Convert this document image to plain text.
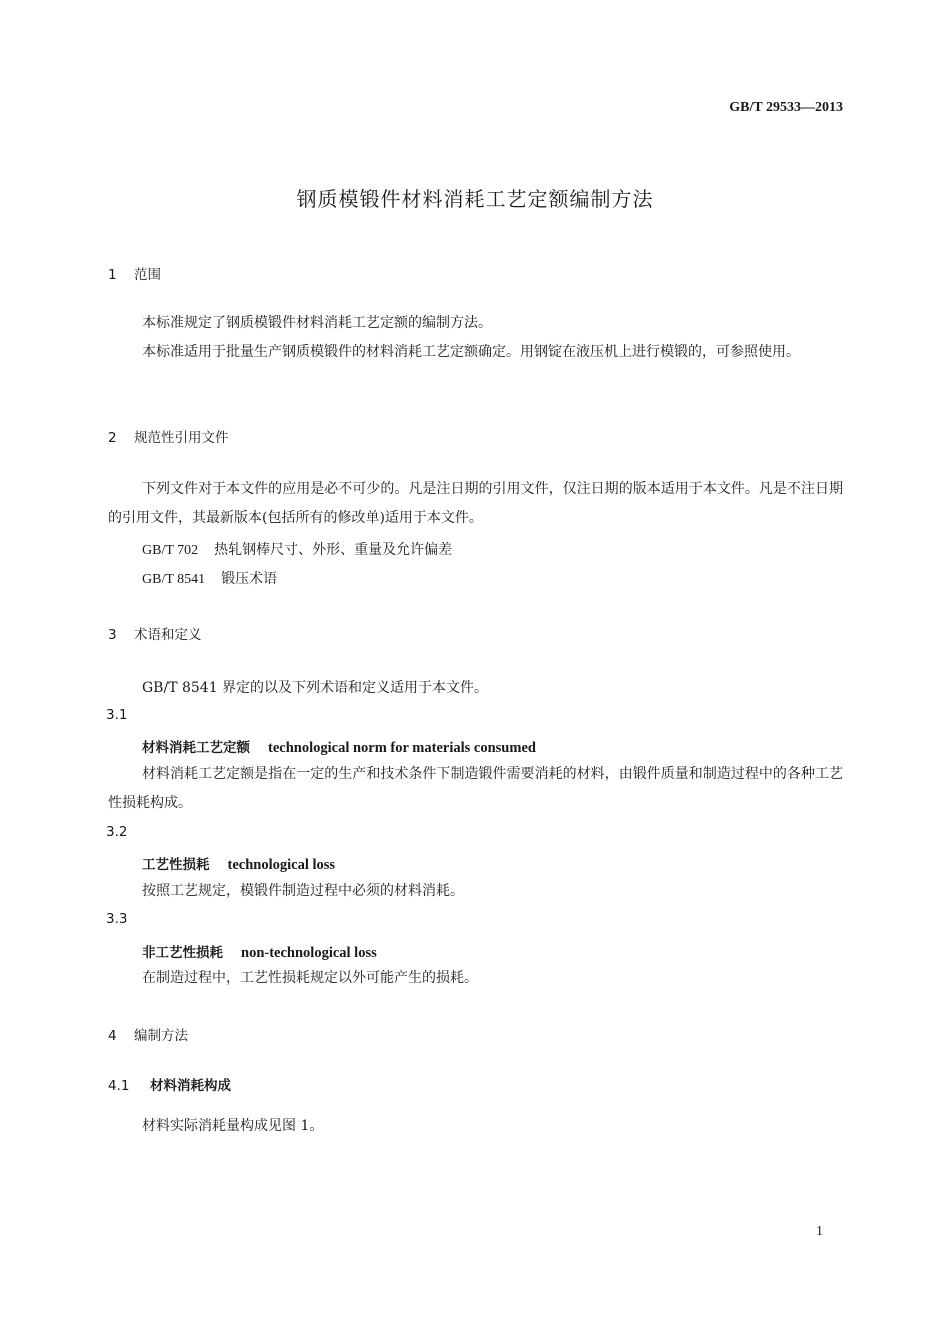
GB/T 29533—2013
钢质模锻件材料消耗工艺定额编制方法
1 范围
本标准规定了钢质模锻件材料消耗工艺定额的编制方法。
本标准适用于批量生产钢质模锻件的材料消耗工艺定额确定。用钢锭在液压机上进行模锻的，可参照使用。
2 规范性引用文件
下列文件对于本文件的应用是必不可少的。凡是注日期的引用文件，仅注日期的版本适用于本文件。凡是不注日期的引用文件，其最新版本(包括所有的修改单)适用于本文件。
GB/T 702 热轧钢棒尺寸、外形、重量及允许偏差
GB/T 8541 锻压术语
3 术语和定义
GB/T 8541 界定的以及下列术语和定义适用于本文件。
3.1
材料消耗工艺定额 technological norm for materials consumed
材料消耗工艺定额是指在一定的生产和技术条件下制造锻件需要消耗的材料，由锻件质量和制造过程中的各种工艺性损耗构成。
3.2
工艺性损耗 technological loss
按照工艺规定，模锻件制造过程中必须的材料消耗。
3.3
非工艺性损耗 non-technological loss
在制造过程中，工艺性损耗规定以外可能产生的损耗。
4 编制方法
4.1 材料消耗构成
材料实际消耗量构成见图 1。
1
